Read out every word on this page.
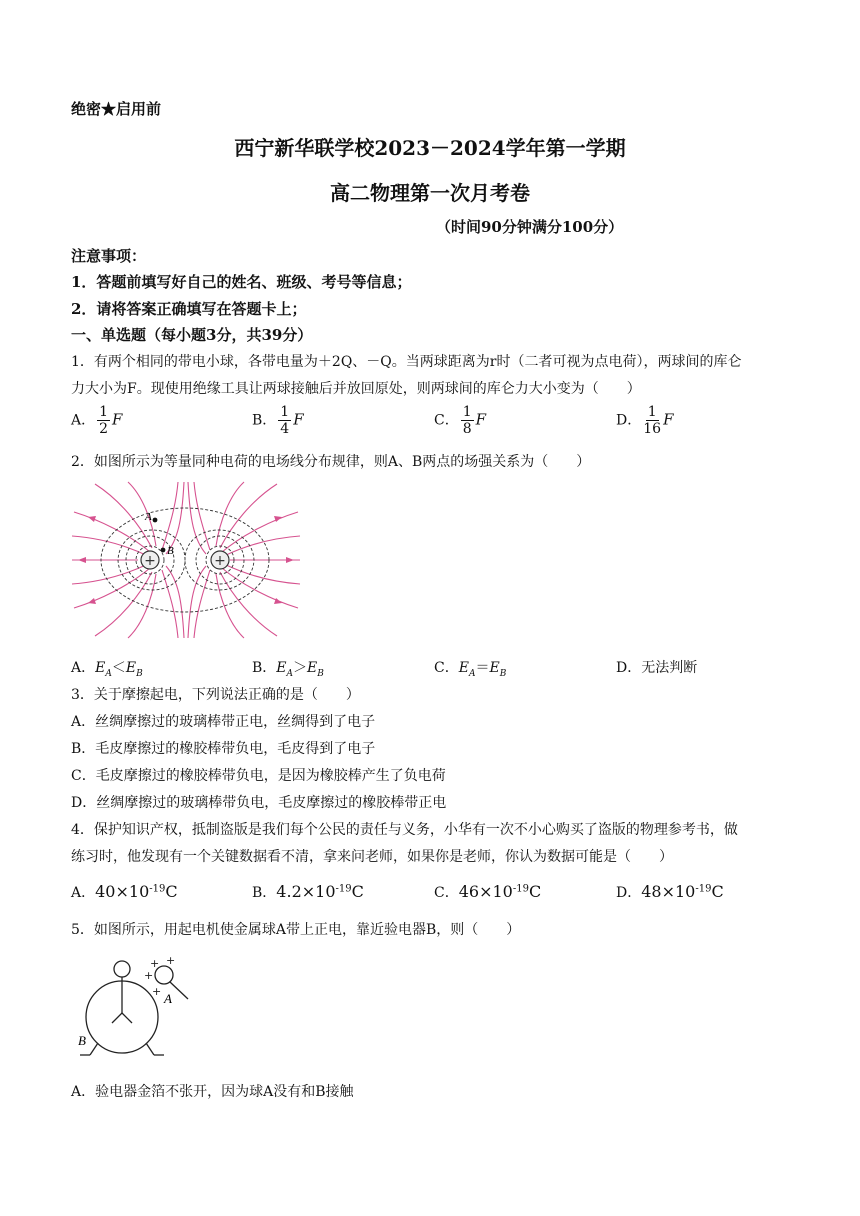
绝密★启用前
西宁新华联学校2023－2024学年第一学期
高二物理第一次月考卷
（时间90分钟满分100分）
注意事项：
1．答题前填写好自己的姓名、班级、考号等信息；
2．请将答案正确填写在答题卡上；
一、单选题（每小题3分，共39分）
1．有两个相同的带电小球，各带电量为＋2Q、－Q。当两球距离为r时（二者可视为点电荷），两球间的库仑
力大小为F。现使用绝缘工具让两球接触后并放回原处，则两球间的库仑力大小变为（　　）
A． $\frac{1}{2}$ F	B． $\frac{1}{4}$ F	C． $\frac{1}{8}$ F	D． $\frac{1}{16}$ F
2．如图所示为等量同种电荷的电场线分布规律，则A、B两点的场强关系为（　　）
+	+
A
B
A．$E_A<E_B$	B．$E_A>E_B$	C．$E_A=E_B$	D．无法判断
3．关于摩擦起电，下列说法正确的是（　　）
A．丝绸摩擦过的玻璃棒带正电，丝绸得到了电子
B．毛皮摩擦过的橡胶棒带负电，毛皮得到了电子
C．毛皮摩擦过的橡胶棒带负电，是因为橡胶棒产生了负电荷
D．丝绸摩擦过的玻璃棒带负电，毛皮摩擦过的橡胶棒带正电
4．保护知识产权，抵制盗版是我们每个公民的责任与义务，小华有一次不小心购买了盗版的物理参考书，做
练习时，他发现有一个关键数据看不清，拿来问老师，如果你是老师，你认为数据可能是（　　）
A．$40\times 10^{-19}C$	B．$4.2\times 10^{-19}C$	C．$46\times 10^{-19}C$	D．$48\times 10^{-19}C$
5．如图所示，用起电机使金属球A带上正电，靠近验电器B，则（　　）
+ +
+
+ A
B
A．验电器金箔不张开，因为球A没有和B接触
